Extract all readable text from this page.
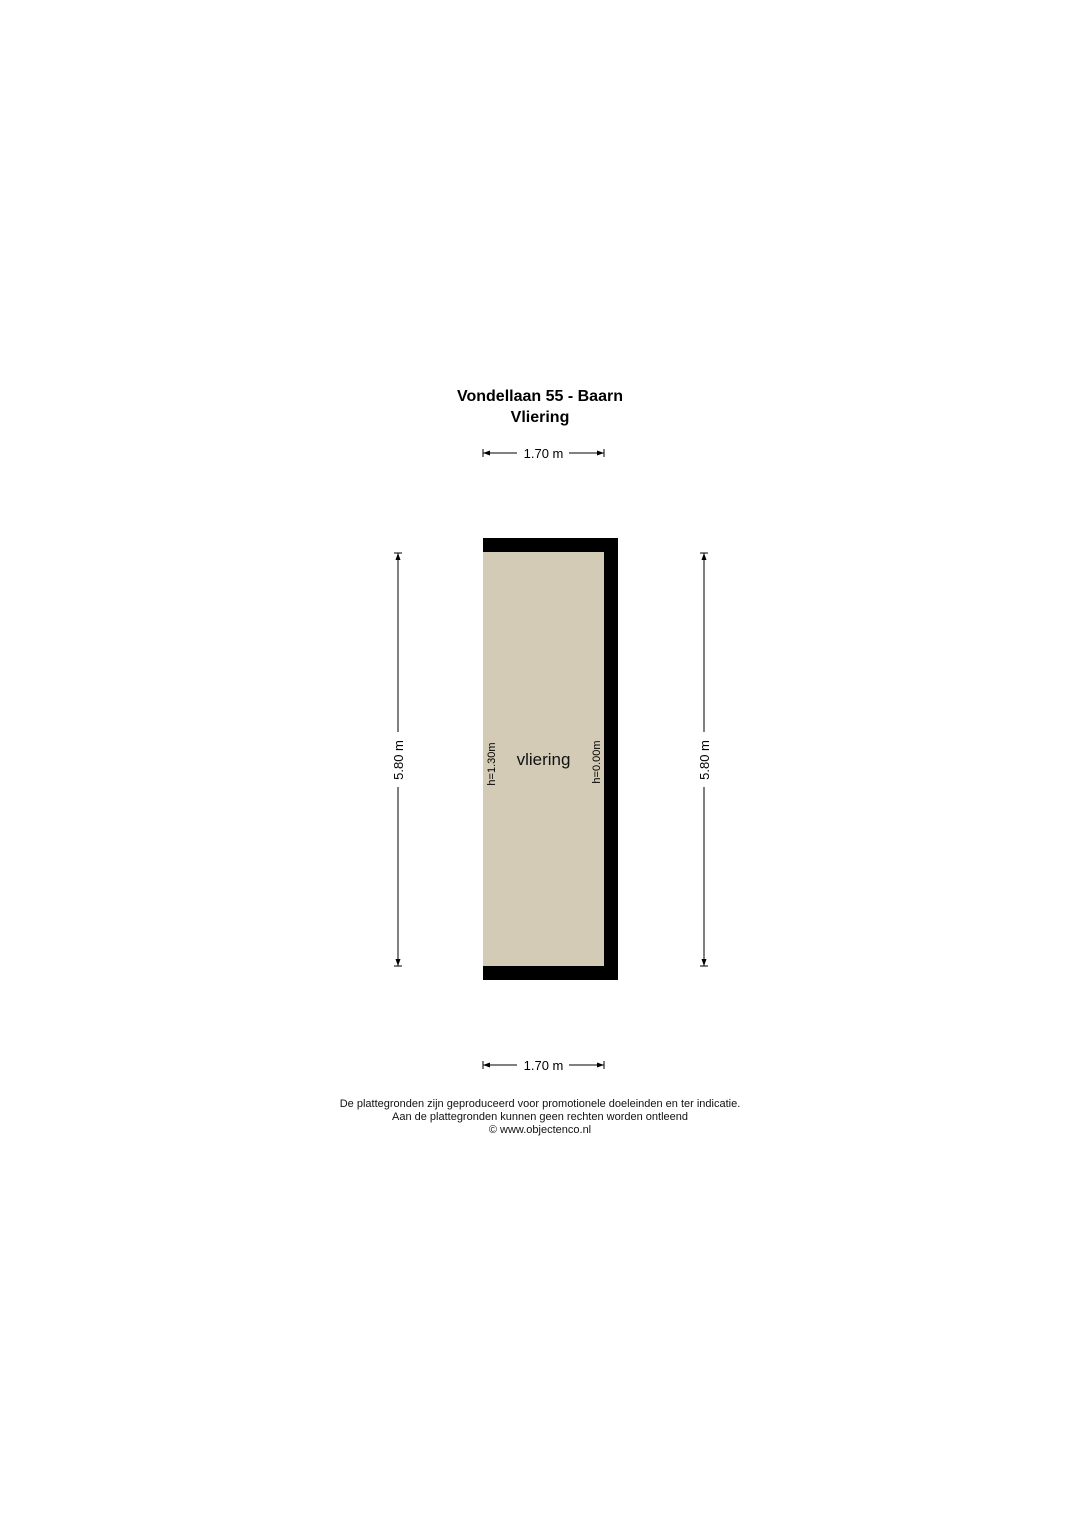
Vondellaan 55 - Baarn
Vliering
1.70 m
vliering
h=1.30m	h=0.00m
5.80 m	5.80 m
1.70 m
De plattegronden zijn geproduceerd voor promotionele doeleinden en ter indicatie.
Aan de plattegronden kunnen geen rechten worden ontleend
© www.objectenco.nl
